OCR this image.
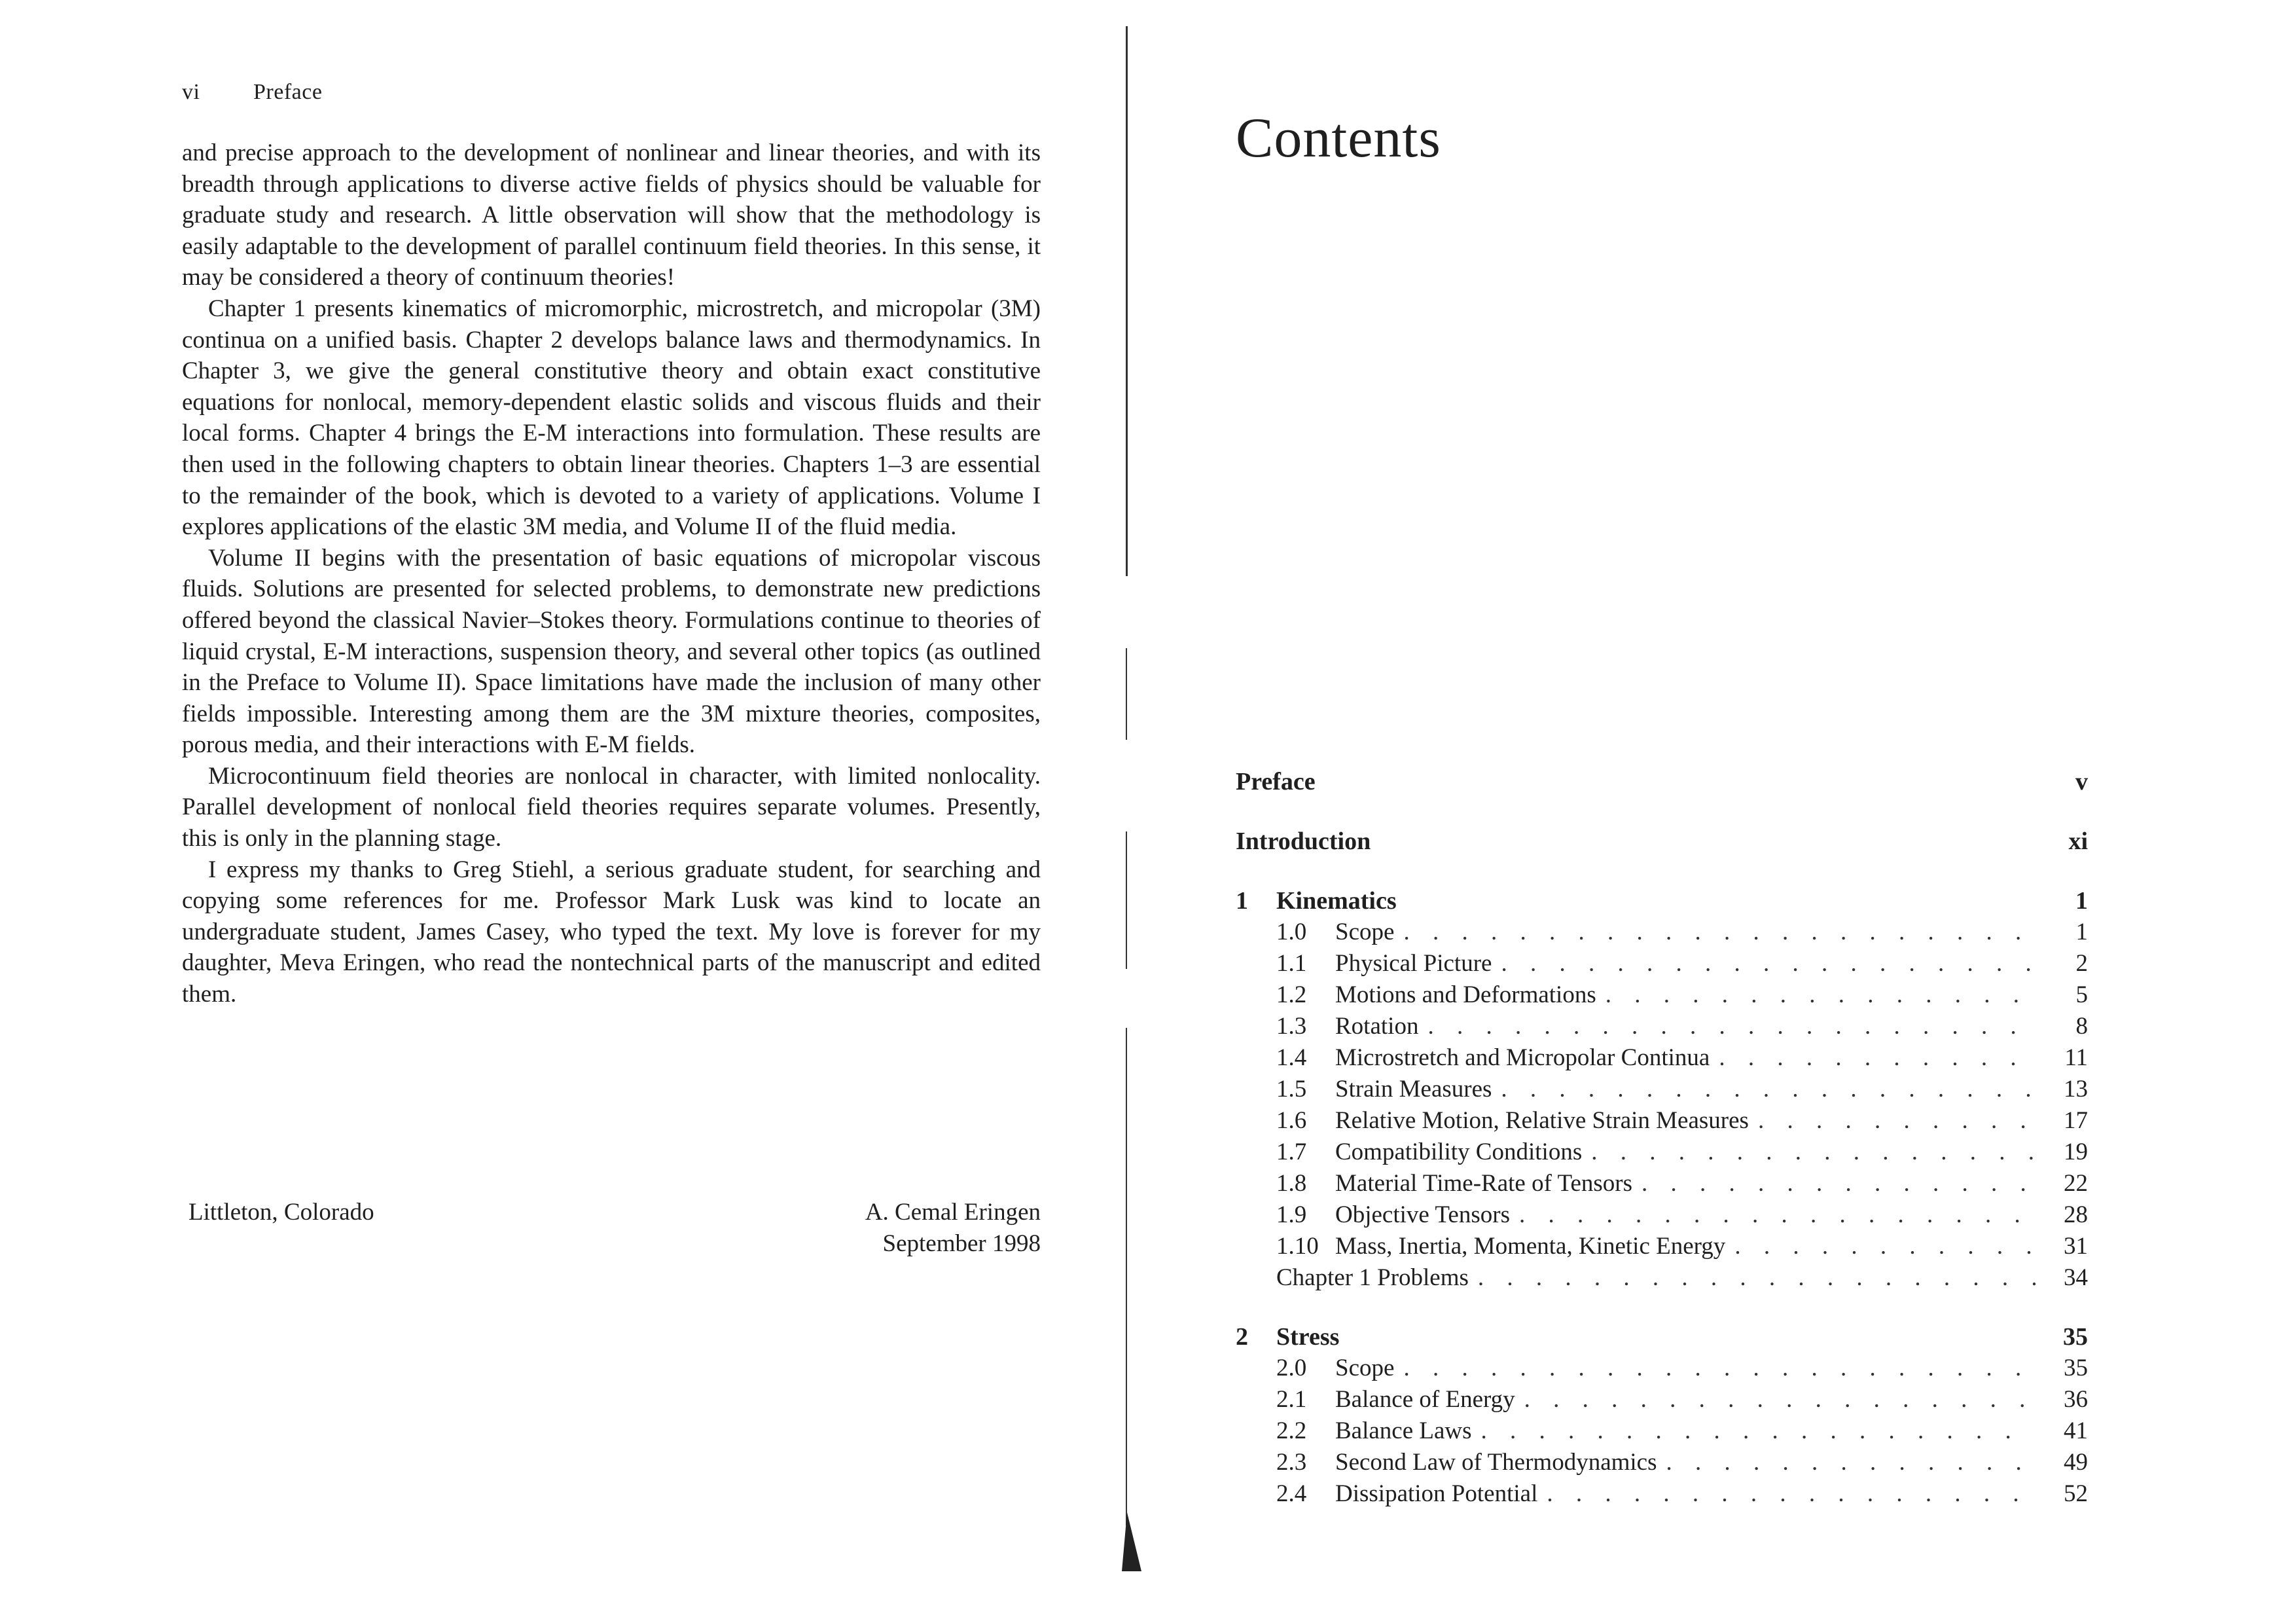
vi Preface

and precise approach to the development of nonlinear and linear theories, and with its breadth through applications to diverse active fields of physics should be valuable for graduate study and research. A little observation will show that the methodology is easily adaptable to the development of parallel continuum field theories. In this sense, it may be considered a theory of continuum theories!

Chapter 1 presents kinematics of micromorphic, microstretch, and micropolar (3M) continua on a unified basis. Chapter 2 develops balance laws and thermodynamics. In Chapter 3, we give the general constitutive theory and obtain exact constitutive equations for nonlocal, memory-dependent elastic solids and viscous fluids and their local forms. Chapter 4 brings the E-M interactions into formulation. These results are then used in the following chapters to obtain linear theories. Chapters 1–3 are essential to the remainder of the book, which is devoted to a variety of applications. Volume I explores applications of the elastic 3M media, and Volume II of the fluid media.

Volume II begins with the presentation of basic equations of micropolar viscous fluids. Solutions are presented for selected problems, to demonstrate new predictions offered beyond the classical Navier–Stokes theory. Formulations continue to theories of liquid crystal, E-M interactions, suspension theory, and several other topics (as outlined in the Preface to Volume II). Space limitations have made the inclusion of many other fields impossible. Interesting among them are the 3M mixture theories, composites, porous media, and their interactions with E-M fields.

Microcontinuum field theories are nonlocal in character, with limited nonlocality. Parallel development of nonlocal field theories requires separate volumes. Presently, this is only in the planning stage.

I express my thanks to Greg Stiehl, a serious graduate student, for searching and copying some references for me. Professor Mark Lusk was kind to locate an undergraduate student, James Casey, who typed the text. My love is forever for my daughter, Meva Eringen, who read the nontechnical parts of the manuscript and edited them.

Littleton, Colorado	A. Cemal Eringen
September 1998
Contents
Preface	v
Introduction	xi
1	Kinematics	1
1.0	Scope . . .	1
1.1	Physical Picture . . .	2
1.2	Motions and Deformations . . .	5
1.3	Rotation . . .	8
1.4	Microstretch and Micropolar Continua . . .	11
1.5	Strain Measures . . .	13
1.6	Relative Motion, Relative Strain Measures . . .	17
1.7	Compatibility Conditions . . .	19
1.8	Material Time-Rate of Tensors . . .	22
1.9	Objective Tensors . . .	28
1.10 Mass, Inertia, Momenta, Kinetic Energy . . .	31
Chapter 1 Problems . . .	34
2	Stress	35
2.0	Scope . . .	35
2.1	Balance of Energy . . .	36
2.2	Balance Laws . . .	41
2.3	Second Law of Thermodynamics . . .	49
2.4	Dissipation Potential . . .	52
